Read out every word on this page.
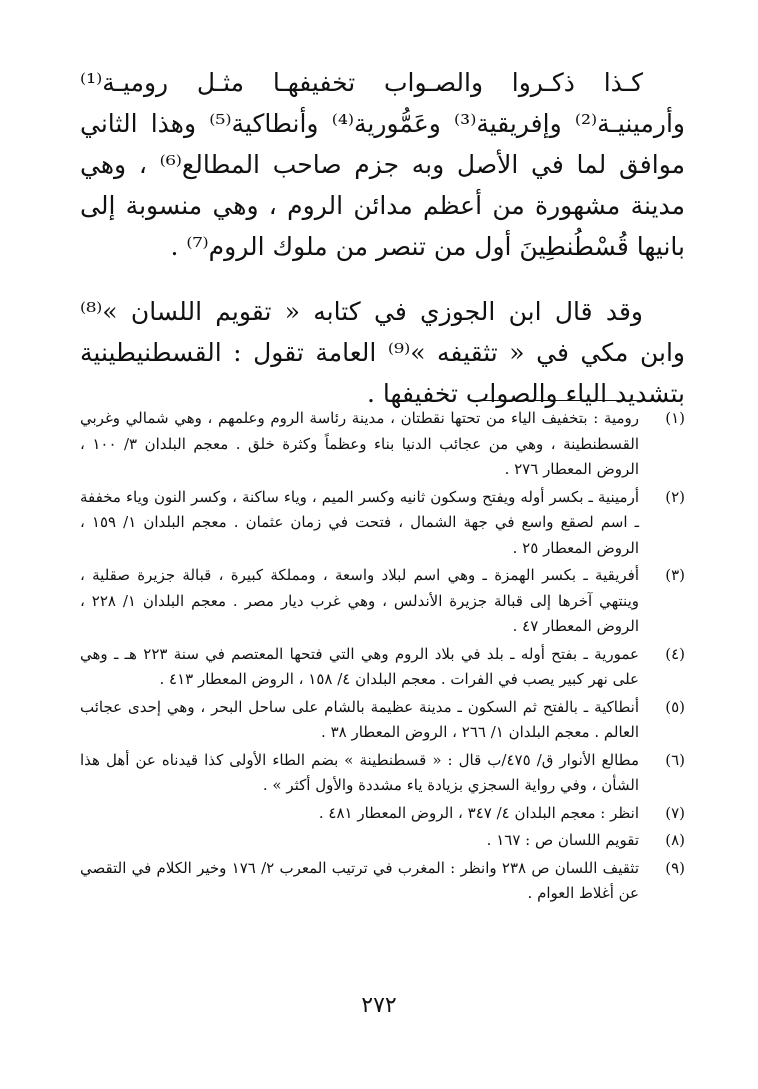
كـذا ذكـروا والصـواب تخفيفهـا مثـل روميـة⁽¹⁾ وأرمينيـة⁽²⁾ وإفريقية⁽³⁾ وعَمُّورية⁽⁴⁾ وأنطاكية⁽⁵⁾ وهذا الثاني موافق لما في الأصل وبه جزم صاحب المطالع⁽⁶⁾ ، وهي مدينة مشهورة من أعظم مدائن الروم ، وهي منسوبة إلى بانيها قُسْطُنطِينَ أول من تنصر من ملوك الروم⁽⁷⁾ .

وقد قال ابن الجوزي في كتابه « تقويم اللسان »⁽⁸⁾ وابن مكي في « تثقيفه »⁽⁹⁾ العامة تقول : القسطنيطينية بتشديد الياء والصواب تخفيفها .

(١)
رومية : بتخفيف الياء من تحتها نقطتان ، مدينة رئاسة الروم وعلمهم ، وهي شمالي وغربي القسطنطينة ، وهي من عجائب الدنيا بناء وعظماً وكثرة خلق . معجم البلدان ٣/ ١٠٠ ، الروض المعطار ٢٧٦ .
(٢)
أرمينية ـ بكسر أوله ويفتح وسكون ثانيه وكسر الميم ، وياء ساكنة ، وكسر النون وياء مخففة ـ اسم لصقع واسع في جهة الشمال ، فتحت في زمان عثمان . معجم البلدان ١/ ١٥٩ ، الروض المعطار ٢٥ .
(٣)
أفريقية ـ بكسر الهمزة ـ وهي اسم لبلاد واسعة ، ومملكة كبيرة ، قبالة جزيرة صقلية ، وينتهي آخرها إلى قبالة جزيرة الأندلس ، وهي غرب ديار مصر . معجم البلدان ١/ ٢٢٨ ، الروض المعطار ٤٧ .
(٤)
عمورية ـ بفتح أوله ـ بلد في بلاد الروم وهي التي فتحها المعتصم في سنة ٢٢٣ هـ ـ وهي على نهر كبير يصب في الفرات . معجم البلدان ٤/ ١٥٨ ، الروض المعطار ٤١٣ .
(٥)
أنطاكية ـ بالفتح ثم السكون ـ مدينة عظيمة بالشام على ساحل البحر ، وهي إحدى عجائب العالم . معجم البلدان ١/ ٢٦٦ ، الروض المعطار ٣٨ .
(٦)
مطالع الأنوار ق/ ٤٧٥/ب قال : « قسطنطينة » بضم الطاء الأولى كذا قيدناه عن أهل هذا الشأن ، وفي رواية السجزي بزيادة ياء مشددة والأول أكثر » .
(٧)
انظر : معجم البلدان ٤/ ٣٤٧ ، الروض المعطار ٤٨١ .
(٨)
تقويم اللسان ص : ١٦٧ .
(٩)
تثقيف اللسان ص ٢٣٨ وانظر : المغرب في ترتيب المعرب ٢/ ١٧٦ وخير الكلام في التقصي عن أغلاط العوام .
٢٧٢
